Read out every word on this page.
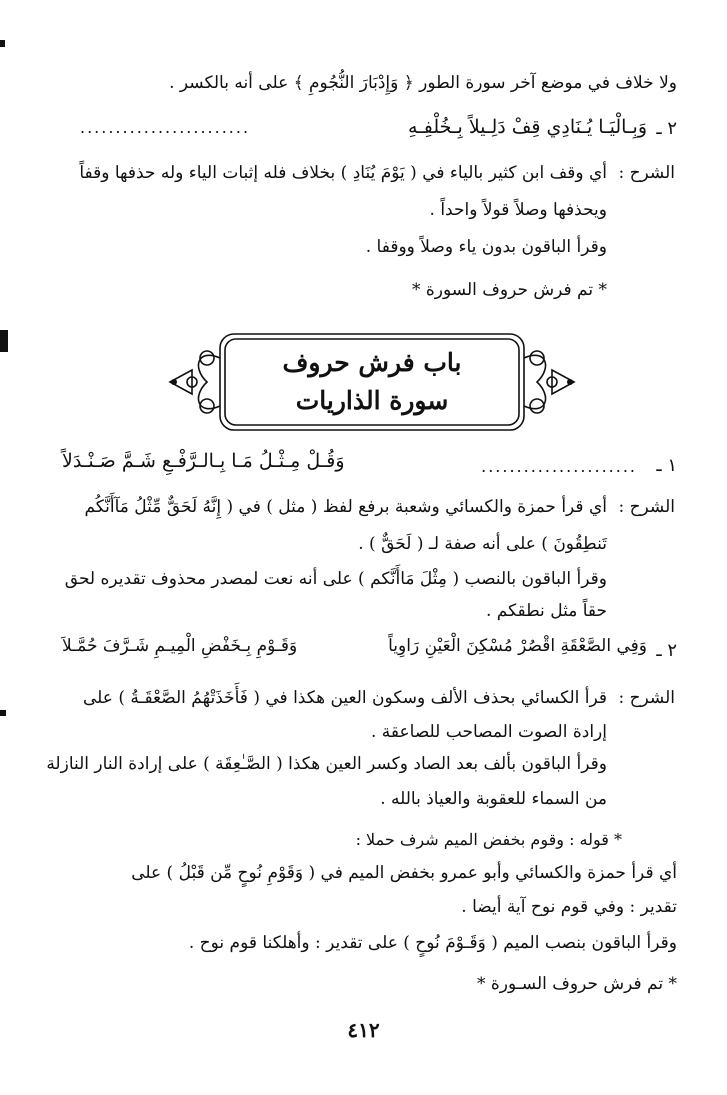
ولا خلاف في موضع آخر سورة الطور ﴿ وَإِدْبَارَ النُّجُومِ ﴾ على أنه بالكسر .
٢ ـ
وَبِـالْيَـا يُـنَادِي قِفْ دَلِـيلاً بِـخُلْفِـهِ
........................
الشرح :
أي وقف ابن كثير بالياء في ( يَوْمَ يُنَادِ ) بخلاف فله إثبات الياء وله حذفها وقفاً
ويحذفها وصلاً قولاً واحداً .
وقرأ الباقون بدون ياء وصلاً ووقفا .
* تم فرش حروف السورة *
باب فرش حروف
سورة الذاريات
١ ـ
......................
وَقُـلْ مِـثْـلُ مَـا بِـالـرَّفْـعِ شَـمَّ صَـنْـدَلاً
الشرح :
أي قرأ حمزة والكسائي وشعبة برفع لفظ ( مثل ) في ( إِنَّهُ لَحَقٌّ مِّثْلُ مَآأَنَّكُم
تَنطِقُونَ ) على أنه صفة لـ ( لَحَقٌّ ) .
وقرأ الباقون بالنصب ( مِثْلَ مَاأَنَّكم ) على أنه نعت لمصدر محذوف تقديره لحق
حقاً مثل نطقكم .
٢ ـ
وَفِي الصَّعْقَةِ اقْصُرْ مُسْكِنَ الْعَيْنِ رَاوِياً
وَقَـوْمِ بِـخَفْضِ الْمِيـمِ شَـرَّفَ حُمَّـلاَ
الشرح :
قرأ الكسائي بحذف الألف وسكون العين هكذا في ( فَأَخَذَتْهُمُ الصَّعْقَـةُ ) على
إرادة الصوت المصاحب للصاعقة .
وقرأ الباقون بألف بعد الصاد وكسر العين هكذا ( الصَّـٰعِقَة ) على إرادة النار النازلة
من السماء للعقوبة والعياذ بالله .
* قوله : وقوم بخفض الميم شرف حملا :
أي قرأ حمزة والكسائي وأبو عمرو بخفض الميم في ( وَقَوْمِ نُوحٍ مِّن قَبْلُ ) على
تقدير : وفي قوم نوح آية أيضا .
وقرأ الباقون بنصب الميم ( وَقَـوْمَ نُوحٍ ) على تقدير : وأهلكنا قوم نوح .
* تم فرش حروف السـورة *
٤١٢
